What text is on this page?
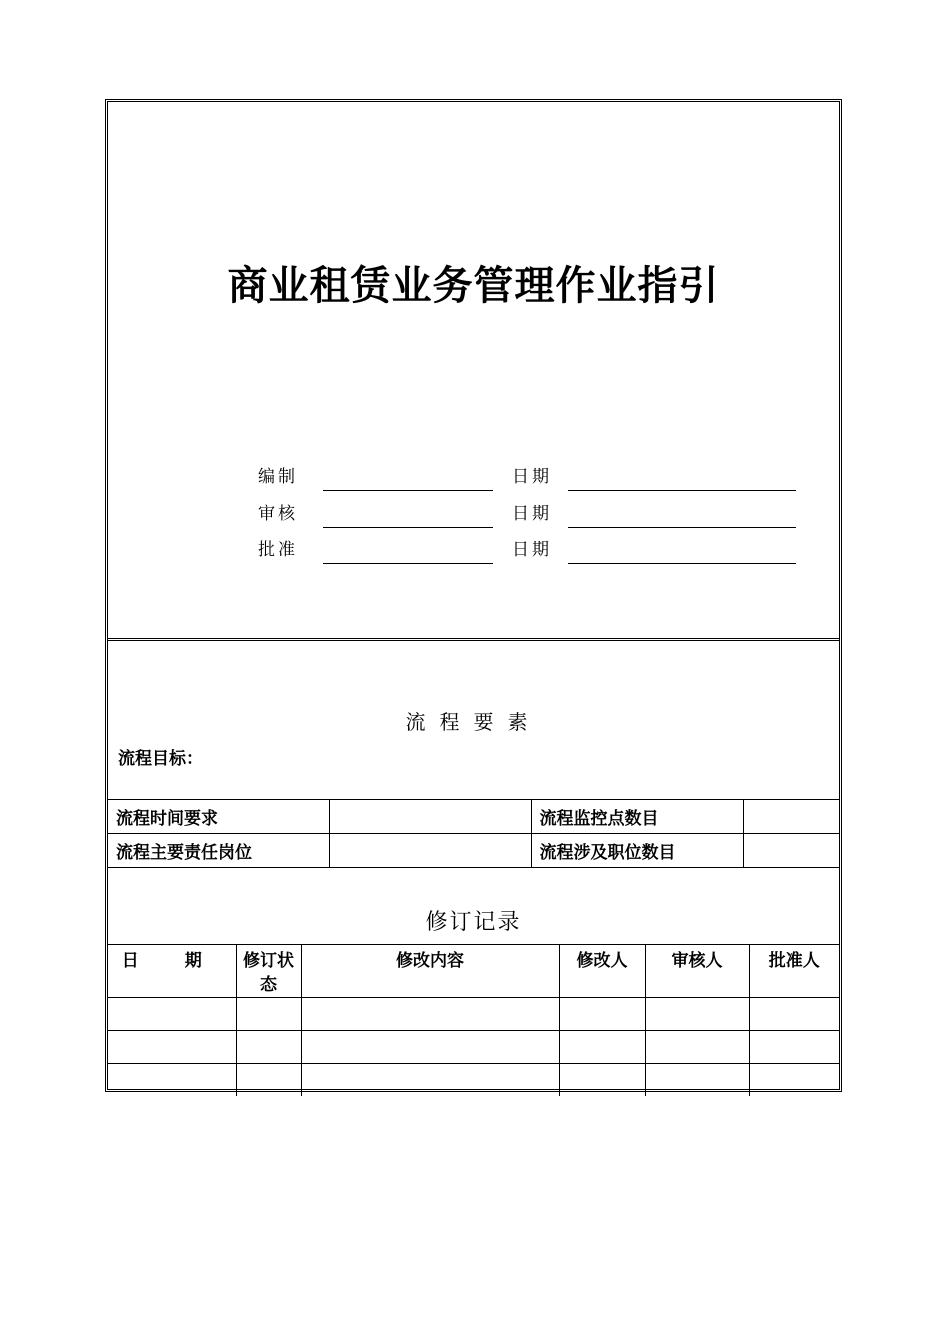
商业租赁业务管理作业指引
编制	日期
审核	日期
批准	日期
流程要素
流程目标：
流程时间要求		流程监控点数目	
流程主要责任岗位		流程涉及职位数目	
修订记录
日 期	修订状态	修改内容	修改人	审核人	批准人
